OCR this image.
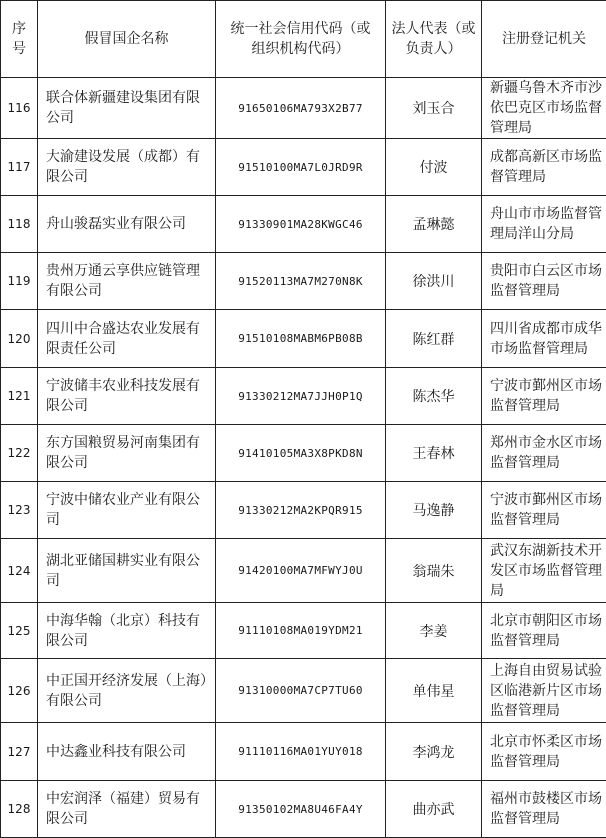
序号	假冒国企名称	统一社会信用代码（或组织机构代码）	法人代表（或负责人）	注册登记机关
116	联合体新疆建设集团有限公司	91650106MA793X2B77	刘玉合	新疆乌鲁木齐市沙依巴克区市场监督管理局
117	大渝建设发展（成都）有限公司	91510100MA7L0JRD9R	付波	成都高新区市场监督管理局
118	舟山骏磊实业有限公司	91330901MA28KWGC46	孟琳懿	舟山市市场监督管理局洋山分局
119	贵州万通云享供应链管理有限公司	91520113MA7M270N8K	徐洪川	贵阳市白云区市场监督管理局
120	四川中合盛达农业发展有限责任公司	91510108MABM6PB08B	陈红群	四川省成都市成华市场监督管理局
121	宁波储丰农业科技发展有限公司	91330212MA7JJH0P1Q	陈杰华	宁波市鄞州区市场监督管理局
122	东方国粮贸易河南集团有限公司	91410105MA3X8PKD8N	王春林	郑州市金水区市场监督管理局
123	宁波中储农业产业有限公司	91330212MA2KPQR915	马逸静	宁波市鄞州区市场监督管理局
124	湖北亚储国耕实业有限公司	91420100MA7MFWYJ0U	翁瑞朱	武汉东湖新技术开发区市场监督管理局
125	中海华翰（北京）科技有限公司	91110108MA019YDM21	李姜	北京市朝阳区市场监督管理局
126	中正国开经济发展（上海）有限公司	91310000MA7CP7TU60	单伟星	上海自由贸易试验区临港新片区市场监督管理局
127	中达鑫业科技有限公司	91110116MA01YUY018	李鸿龙	北京市怀柔区市场监督管理局
128	中宏润泽（福建）贸易有限公司	91350102MA8U46FA4Y	曲亦武	福州市鼓楼区市场监督管理局
